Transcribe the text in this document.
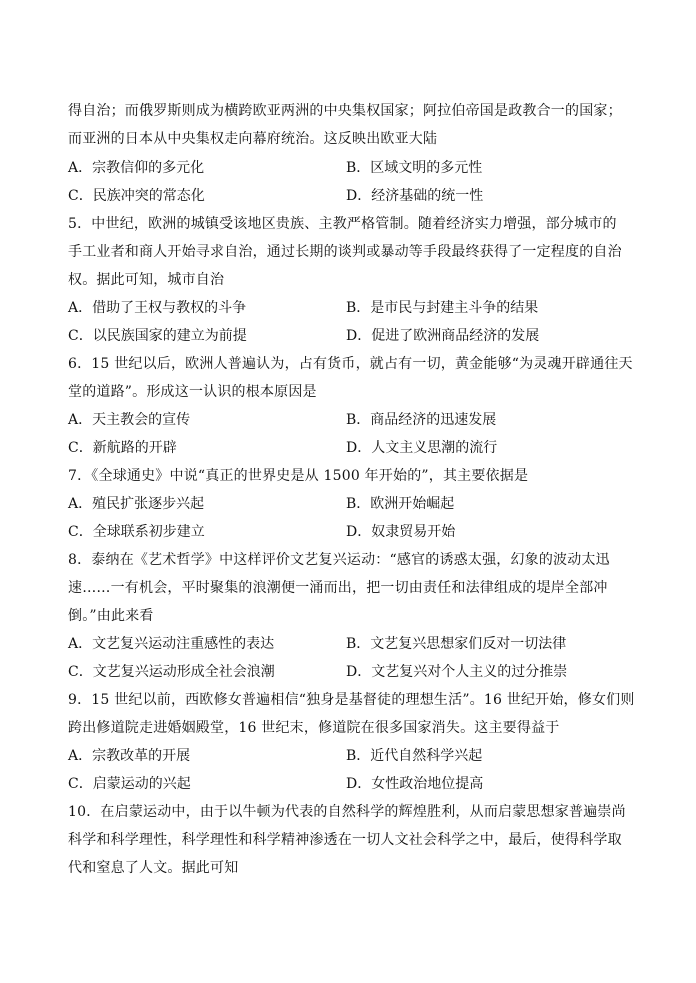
得自治；而俄罗斯则成为横跨欧亚两洲的中央集权国家；阿拉伯帝国是政教合一的国家；
而亚洲的日本从中央集权走向幕府统治。这反映出欧亚大陆
A．宗教信仰的多元化	B．区域文明的多元性
C．民族冲突的常态化	D．经济基础的统一性
5．中世纪，欧洲的城镇受该地区贵族、主教严格管制。随着经济实力增强，部分城市的
手工业者和商人开始寻求自治，通过长期的谈判或暴动等手段最终获得了一定程度的自治
权。据此可知，城市自治
A．借助了王权与教权的斗争	B．是市民与封建主斗争的结果
C．以民族国家的建立为前提	D．促进了欧洲商品经济的发展
6．15 世纪以后，欧洲人普遍认为，占有货币，就占有一切，黄金能够“为灵魂开辟通往天
堂的道路”。形成这一认识的根本原因是
A．天主教会的宣传	B．商品经济的迅速发展
C．新航路的开辟	D．人文主义思潮的流行
7．《全球通史》中说“真正的世界史是从 1500 年开始的”，其主要依据是
A．殖民扩张逐步兴起	B．欧洲开始崛起
C．全球联系初步建立	D．奴隶贸易开始
8．泰纳在《艺术哲学》中这样评价文艺复兴运动：“感官的诱惑太强，幻象的波动太迅
速……一有机会，平时聚集的浪潮便一涌而出，把一切由责任和法律组成的堤岸全部冲
倒。”由此来看
A．文艺复兴运动注重感性的表达	B．文艺复兴思想家们反对一切法律
C．文艺复兴运动形成全社会浪潮	D．文艺复兴对个人主义的过分推崇
9．15 世纪以前，西欧修女普遍相信“独身是基督徒的理想生活”。16 世纪开始，修女们则
跨出修道院走进婚姻殿堂，16 世纪末，修道院在很多国家消失。这主要得益于
A．宗教改革的开展	B．近代自然科学兴起
C．启蒙运动的兴起	D．女性政治地位提高
10．在启蒙运动中，由于以牛顿为代表的自然科学的辉煌胜利，从而启蒙思想家普遍崇尚
科学和科学理性，科学理性和科学精神渗透在一切人文社会科学之中，最后，使得科学取
代和窒息了人文。据此可知
